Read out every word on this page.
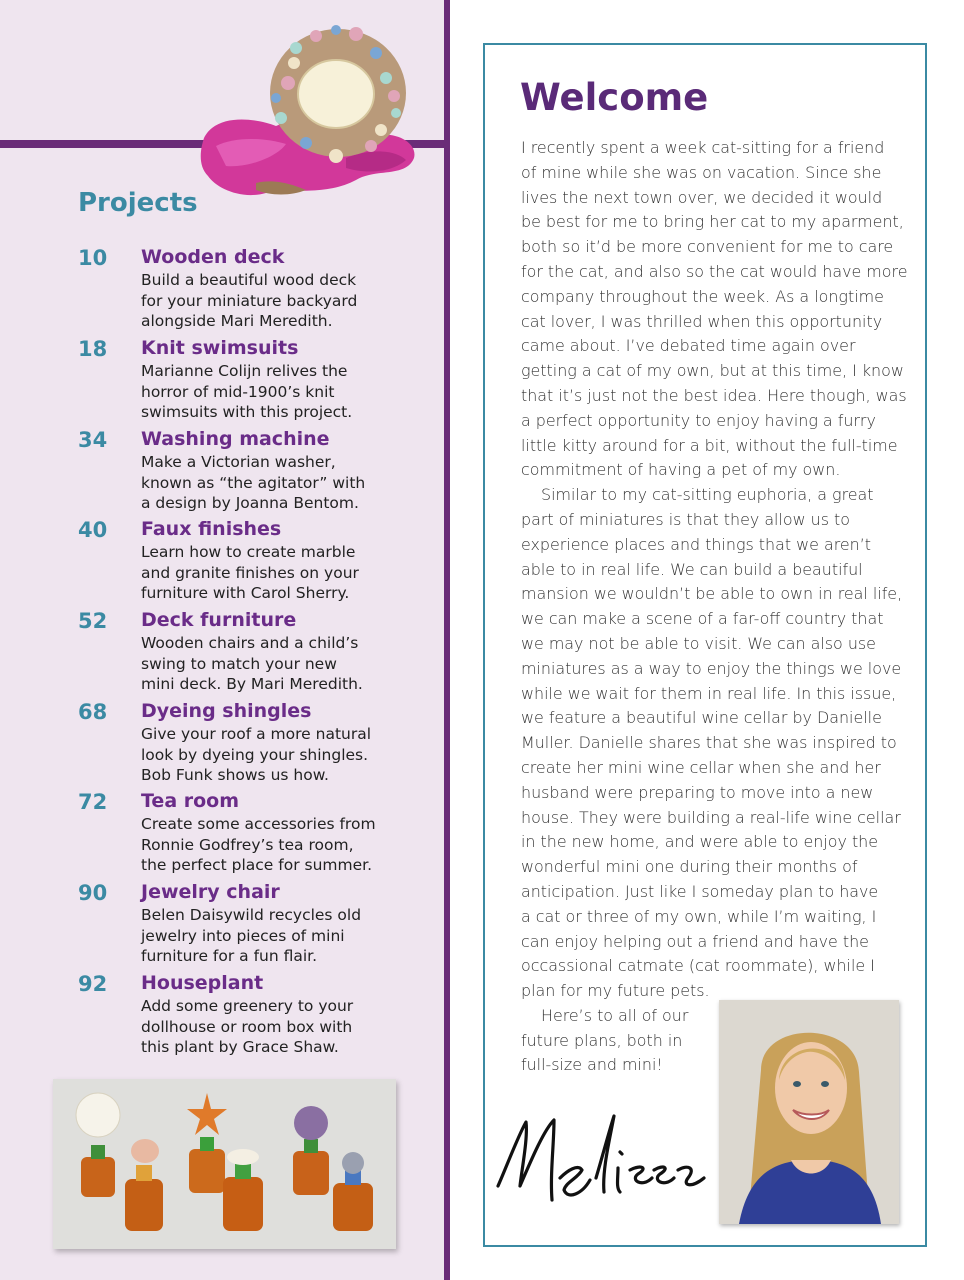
Projects
10 Wooden deck

Build a beautiful wood deck
for your miniature backyard
alongside Mari Meredith.

18 Knit swimsuits

Marianne Colijn relives the
horror of mid-1900’s knit
swimsuits with this project.

34 Washing machine

Make a Victorian washer,
known as “the agitator” with
a design by Joanna Bentom.

40 Faux finishes

Learn how to create marble
and granite finishes on your
furniture with Carol Sherry.

52 Deck furniture

Wooden chairs and a child’s
swing to match your new
mini deck. By Mari Meredith.

68 Dyeing shingles

Give your roof a more natural
look by dyeing your shingles.
Bob Funk shows us how.

72 Tea room

Create some accessories from
Ronnie Godfrey’s tea room,
the perfect place for summer.

90 Jewelry chair

Belen Daisywild recycles old
jewelry into pieces of mini
furniture for a fun flair.

92 Houseplant

Add some greenery to your
dollhouse or room box with
this plant by Grace Shaw.

Welcome
I recently spent a week cat-sitting for a friend
of mine while she was on vacation. Since she
lives the next town over, we decided it would
be best for me to bring her cat to my aparment,
both so it’d be more convenient for me to care
for the cat, and also so the cat would have more
company throughout the week. As a longtime
cat lover, I was thrilled when this opportunity
came about. I’ve debated time again over
getting a cat of my own, but at this time, I know
that it’s just not the best idea. Here though, was
a perfect opportunity to enjoy having a furry
little kitty around for a bit, without the full-time
commitment of having a pet of my own.
Similar to my cat-sitting euphoria, a great
part of miniatures is that they allow us to
experience places and things that we aren’t
able to in real life. We can build a beautiful
mansion we wouldn’t be able to own in real life,
we can make a scene of a far-off country that
we may not be able to visit. We can also use
miniatures as a way to enjoy the things we love
while we wait for them in real life. In this issue,
we feature a beautiful wine cellar by Danielle
Muller. Danielle shares that she was inspired to
create her mini wine cellar when she and her
husband were preparing to move into a new
house. They were building a real-life wine cellar
in the new home, and were able to enjoy the
wonderful mini one during their months of
anticipation. Just like I someday plan to have
a cat or three of my own, while I’m waiting, I
can enjoy helping out a friend and have the
occassional catmate (cat roommate), while I
plan for my future pets.
Here’s to all of our
future plans, both in
full-size and mini!
